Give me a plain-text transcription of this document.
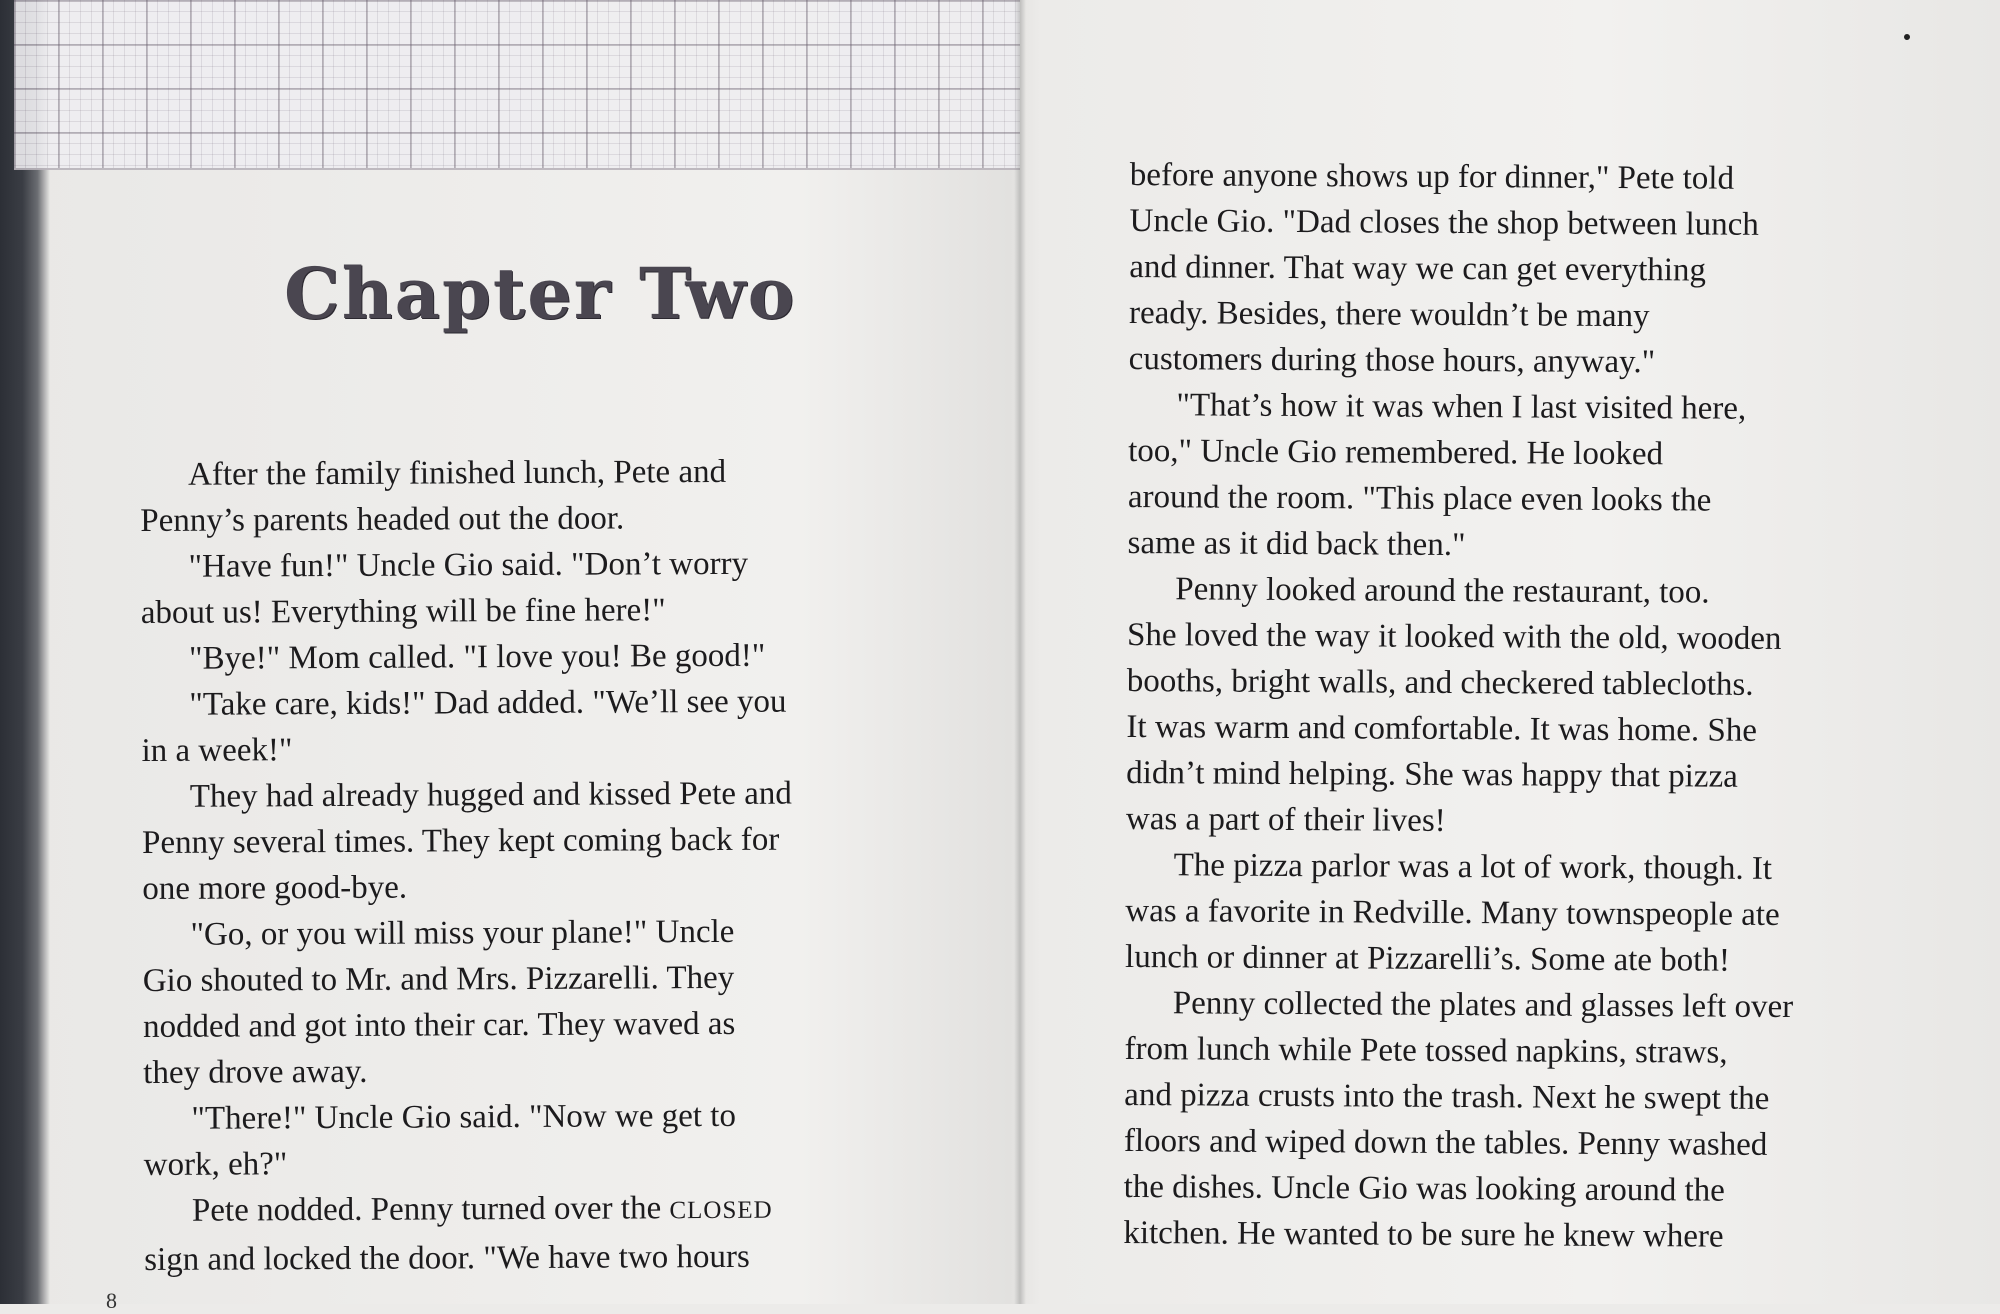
Chapter Two
After the family finished lunch, Pete and
Penny’s parents headed out the door.
"Have fun!" Uncle Gio said. "Don’t worry
about us! Everything will be fine here!"
"Bye!" Mom called. "I love you! Be good!"
"Take care, kids!" Dad added. "We’ll see you
in a week!"
They had already hugged and kissed Pete and
Penny several times. They kept coming back for
one more good-bye.
"Go, or you will miss your plane!" Uncle
Gio shouted to Mr. and Mrs. Pizzarelli. They
nodded and got into their car. They waved as
they drove away.
"There!" Uncle Gio said. "Now we get to
work, eh?"
Pete nodded. Penny turned over the CLOSED
sign and locked the door. "We have two hours
before anyone shows up for dinner," Pete told
Uncle Gio. "Dad closes the shop between lunch
and dinner. That way we can get everything
ready. Besides, there wouldn’t be many
customers during those hours, anyway."
"That’s how it was when I last visited here,
too," Uncle Gio remembered. He looked
around the room. "This place even looks the
same as it did back then."
Penny looked around the restaurant, too.
She loved the way it looked with the old, wooden
booths, bright walls, and checkered tablecloths.
It was warm and comfortable. It was home. She
didn’t mind helping. She was happy that pizza
was a part of their lives!
The pizza parlor was a lot of work, though. It
was a favorite in Redville. Many townspeople ate
lunch or dinner at Pizzarelli’s. Some ate both!
Penny collected the plates and glasses left over
from lunch while Pete tossed napkins, straws,
and pizza crusts into the trash. Next he swept the
floors and wiped down the tables. Penny washed
the dishes. Uncle Gio was looking around the
kitchen. He wanted to be sure he knew where
8
